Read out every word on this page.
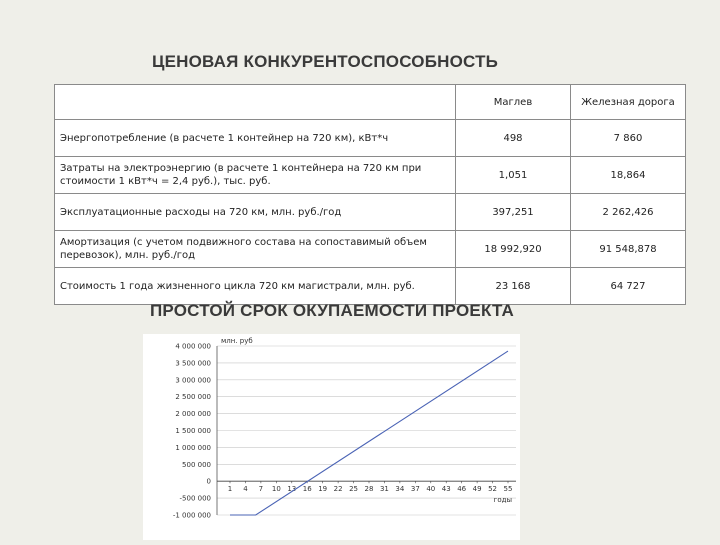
ЦЕНОВАЯ КОНКУРЕНТОСПОСОБНОСТЬ
	Маглев	Железная дорога
Энергопотребление (в расчете 1 контейнер на 720 км), кВт*ч	498	7 860
Затраты на электроэнергию (в расчете 1 контейнера на 720 км при стоимости 1 кВт*ч = 2,4 руб.), тыс. руб.	1,051	18,864
Эксплуатационные расходы на 720 км, млн. руб./год	397,251	2 262,426
Амортизация (с учетом подвижного состава на сопоставимый объем перевозок), млн. руб./год	18 992,920	91 548,878
Стоимость 1 года жизненного цикла 720 км магистрали, млн. руб.	23 168	64 727
ПРОСТОЙ СРОК ОКУПАЕМОСТИ ПРОЕКТА
4 000 000
3 500 000
3 000 000
2 500 000
2 000 000
1 500 000
1 000 000
500 000
0
-500 000
-1 000 000
1 4 7 10 13 16 19 22 25 28 31 34 37 40 43 46 49 52 55
млн. руб
годы
